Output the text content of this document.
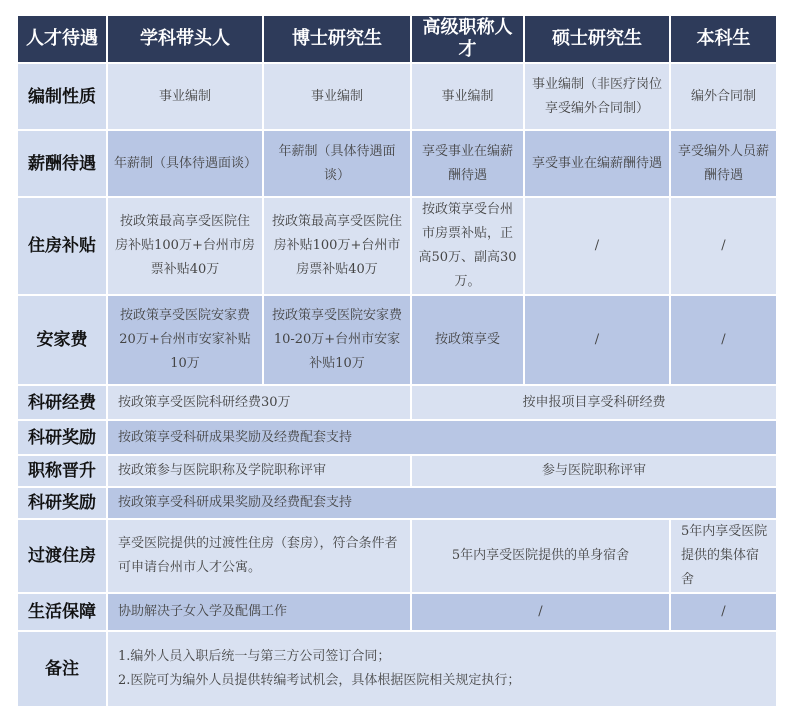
人才待遇	学科带头人	博士研究生	高级职称人才	硕士研究生	本科生
编制性质	事业编制	事业编制	事业编制	事业编制（非医疗岗位享受编外合同制）	编外合同制
薪酬待遇	年薪制（具体待遇面谈）	年薪制（具体待遇面谈）	享受事业在编薪酬待遇	享受事业在编薪酬待遇	享受编外人员薪酬待遇
住房补贴	按政策最高享受医院住房补贴100万+台州市房票补贴40万	按政策最高享受医院住房补贴100万+台州市房票补贴40万	按政策享受台州市房票补贴，正高50万、副高30万。	/	/
安家费	按政策享受医院安家费20万+台州市安家补贴10万	按政策享受医院安家费10-20万+台州市安家补贴10万	按政策享受	/	/
科研经费	按政策享受医院科研经费30万		按申报项目享受科研经费		
科研奖励	按政策享受科研成果奖励及经费配套支持				
职称晋升	按政策参与医院职称及学院职称评审		参与医院职称评审		
科研奖励	按政策享受科研成果奖励及经费配套支持				
过渡住房	享受医院提供的过渡性住房（套房），符合条件者可申请台州市人才公寓。		5年内享受医院提供的单身宿舍		5年内享受医院提供的集体宿舍
生活保障	协助解决子女入学及配偶工作		/		/
备注	1.编外人员入职后统一与第三方公司签订合同；
2.医院可为编外人员提供转编考试机会，具体根据医院相关规定执行；				
